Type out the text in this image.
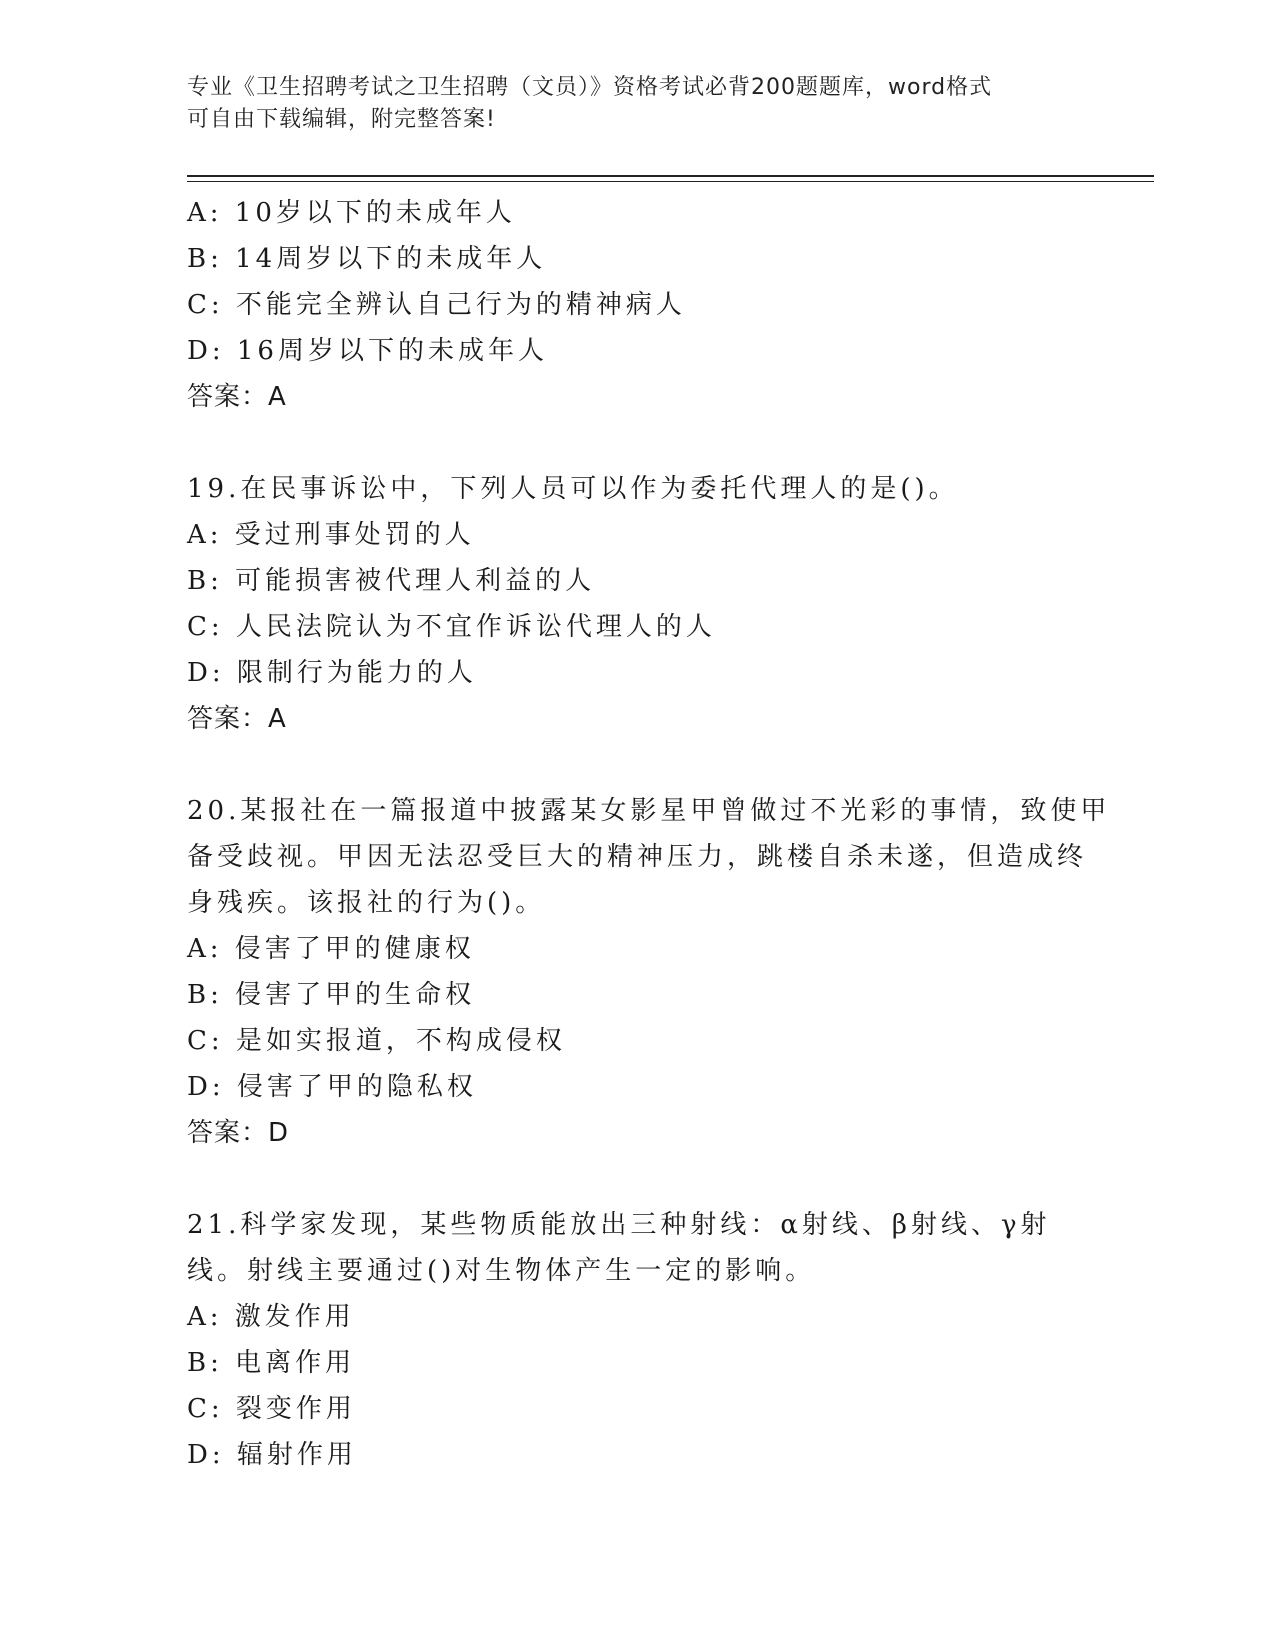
专业《卫生招聘考试之卫生招聘（文员）》资格考试必背200题题库，word格式
可自由下载编辑，附完整答案!
A: 10岁以下的未成年人
B: 14周岁以下的未成年人
C: 不能完全辨认自己行为的精神病人
D: 16周岁以下的未成年人
答案：A
19.在民事诉讼中，下列人员可以作为委托代理人的是()。
A: 受过刑事处罚的人
B: 可能损害被代理人利益的人
C: 人民法院认为不宜作诉讼代理人的人
D: 限制行为能力的人
答案：A
20.某报社在一篇报道中披露某女影星甲曾做过不光彩的事情，致使甲
备受歧视。甲因无法忍受巨大的精神压力，跳楼自杀未遂，但造成终
身残疾。该报社的行为()。
A: 侵害了甲的健康权
B: 侵害了甲的生命权
C: 是如实报道，不构成侵权
D: 侵害了甲的隐私权
答案：D
21.科学家发现，某些物质能放出三种射线：α射线、β射线、γ射
线。射线主要通过()对生物体产生一定的影响。
A: 激发作用
B: 电离作用
C: 裂变作用
D: 辐射作用
